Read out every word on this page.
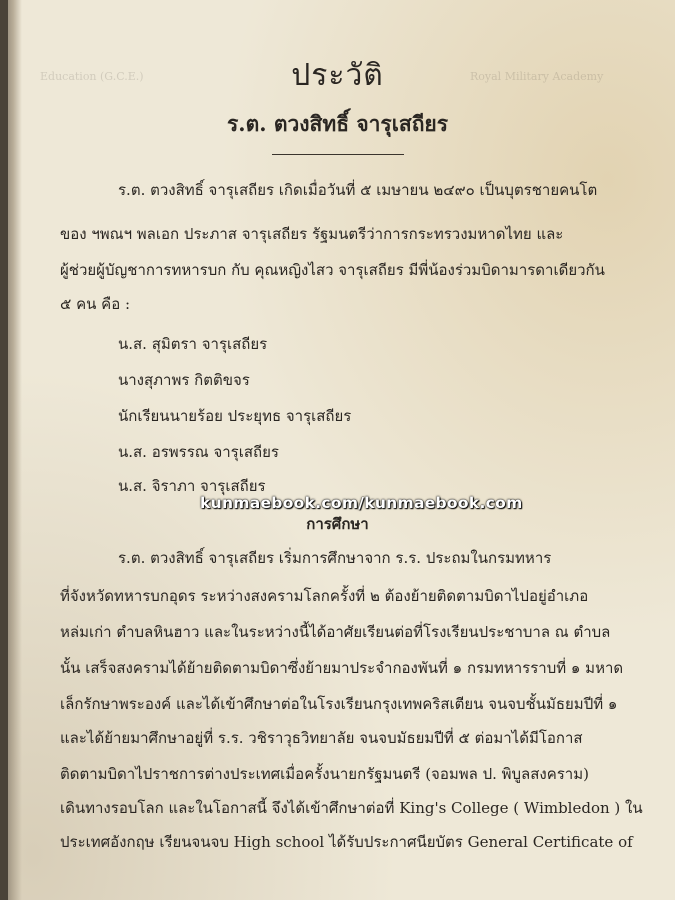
Education (G.C.E.)	Royal Military Academy
ประวัติ
ร.ต. ตวงสิทธิ์ จารุเสถียร
ร.ต. ตวงสิทธิ์ จารุเสถียร เกิดเมื่อวันที่ ๕ เมษายน ๒๔๙๐ เป็นบุตรชายคนโต
ของ ฯพณฯ พลเอก ประภาส จารุเสถียร รัฐมนตรีว่าการกระทรวงมหาดไทย และ
ผู้ช่วยผู้บัญชาการทหารบก กับ คุณหญิงไสว จารุเสถียร มีพี่น้องร่วมบิดามารดาเดียวกัน
๕ คน คือ :
น.ส. สุมิตรา จารุเสถียร
นางสุภาพร กิตติขจร
นักเรียนนายร้อย ประยุทธ จารุเสถียร
น.ส. อรพรรณ จารุเสถียร
น.ส. จิราภา จารุเสถียร
kunmaebook.com/kunmaebook.com
การศึกษา
ร.ต. ตวงสิทธิ์ จารุเสถียร เริ่มการศึกษาจาก ร.ร. ประถมในกรมทหาร
ที่จังหวัดทหารบกอุดร ระหว่างสงครามโลกครั้งที่ ๒ ต้องย้ายติดตามบิดาไปอยู่อำเภอ
หล่มเก่า ตำบลหินฮาว และในระหว่างนี้ได้อาศัยเรียนต่อที่โรงเรียนประชาบาล ณ ตำบล
นั้น เสร็จสงครามได้ย้ายติดตามบิดาซึ่งย้ายมาประจำกองพันที่ ๑ กรมทหารราบที่ ๑ มหาด
เล็กรักษาพระองค์ และได้เข้าศึกษาต่อในโรงเรียนกรุงเทพคริสเตียน จนจบชั้นมัธยมปีที่ ๑
และได้ย้ายมาศึกษาอยู่ที่ ร.ร. วชิราวุธวิทยาลัย จนจบมัธยมปีที่ ๕ ต่อมาได้มีโอกาส
ติดตามบิดาไปราชการต่างประเทศเมื่อครั้งนายกรัฐมนตรี (จอมพล ป. พิบูลสงคราม)
เดินทางรอบโลก และในโอกาสนี้ จึงได้เข้าศึกษาต่อที่ King's College ( Wimbledon ) ใน
ประเทศอังกฤษ เรียนจนจบ High school ได้รับประกาศนียบัตร General Certificate of
